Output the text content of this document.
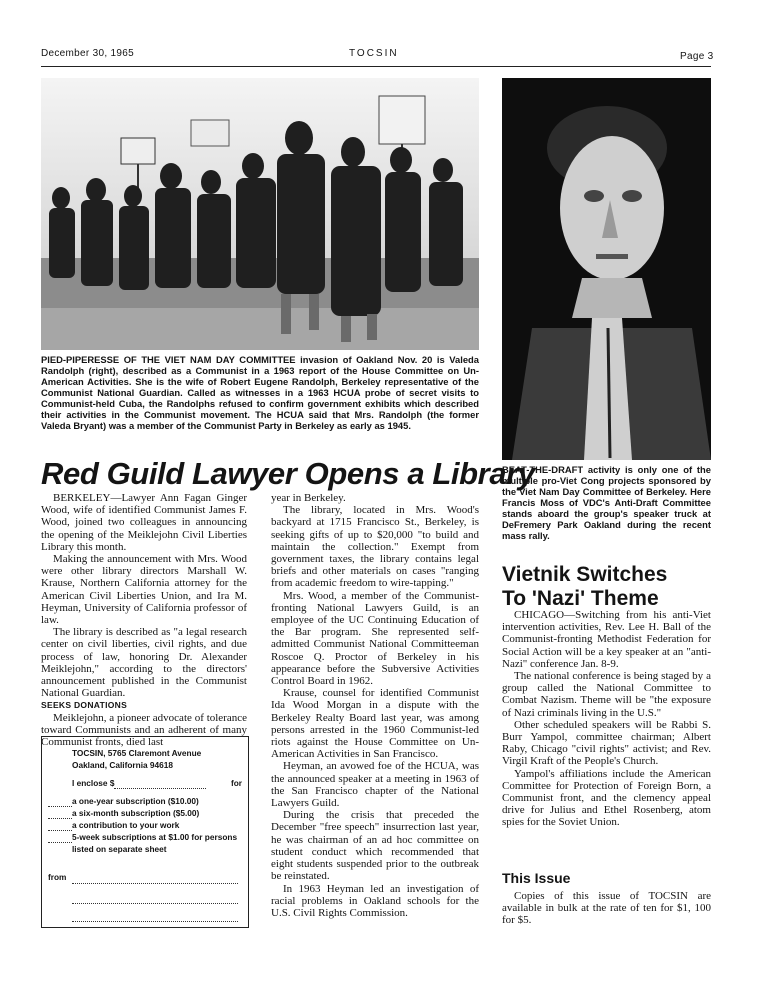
December 30, 1965	TOCSIN	Page 3
PIED-PIPERESSE OF THE VIET NAM DAY COMMITTEE invasion of Oakland Nov. 20 is Valeda Randolph (right), described as a Communist in a 1963 report of the House Committee on Un-American Activities. She is the wife of Robert Eugene Randolph, Berkeley representative of the Communist National Guardian. Called as witnesses in a 1963 HCUA probe of secret visits to Communist-held Cuba, the Randolphs refused to confirm government exhibits which described their activities in the Communist movement. The HCUA said that Mrs. Randolph (the former Valeda Bryant) was a member of the Communist Party in Berkeley as early as 1945.
BEAT-THE-DRAFT activity is only one of the multiple pro-Viet Cong projects sponsored by the Viet Nam Day Committee of Berkeley. Here Francis Moss of VDC's Anti-Draft Committee stands aboard the group's speaker truck at DeFremery Park Oakland during the recent mass rally.
Red Guild Lawyer Opens a Library

BERKELEY—Lawyer Ann Fagan Ginger Wood, wife of identified Communist James F. Wood, joined two colleagues in announcing the opening of the Meiklejohn Civil Liberties Library this month.

Making the announcement with Mrs. Wood were other library directors Marshall W. Krause, Northern California attorney for the American Civil Liberties Union, and Ira M. Heyman, University of California professor of law.

The library is described as "a legal research center on civil liberties, civil rights, and due process of law, honoring Dr. Alexander Meiklejohn," according to the directors' announcement published in the Communist National Guardian.

SEEKS DONATIONS

Meiklejohn, a pioneer advocate of tolerance toward Communists and an adherent of many Communist fronts, died last

TOCSIN, 5765 Claremont Avenue
Oakland, California 94618
I enclose $	for
a one-year subscription ($10.00)
a six-month subscription ($5.00)
a contribution to your work
5-week subscriptions at $1.00 for persons listed on separate sheet
from

year in Berkeley.

The library, located in Mrs. Wood's backyard at 1715 Francisco St., Berkeley, is seeking gifts of up to $20,000 "to build and maintain the collection." Exempt from government taxes, the library contains legal briefs and other materials on cases "ranging from academic freedom to wire-tapping."

Mrs. Wood, a member of the Communist-fronting National Lawyers Guild, is an employee of the UC Continuing Education of the Bar program. She represented self-admitted Communist National Committeeman Roscoe Q. Proctor of Berkeley in his appearance before the Subversive Activities Control Board in 1962.

Krause, counsel for identified Communist Ida Wood Morgan in a dispute with the Berkeley Realty Board last year, was among persons arrested in the 1960 Communist-led riots against the House Committee on Un-American Activities in San Francisco.

Heyman, an avowed foe of the HCUA, was the announced speaker at a meeting in 1963 of the San Francisco chapter of the National Lawyers Guild.

During the crisis that preceded the December "free speech" insurrection last year, he was chairman of an ad hoc committee on student conduct which recommended that eight students suspended prior to the outbreak be reinstated.

In 1963 Heyman led an investigation of racial problems in Oakland schools for the U.S. Civil Rights Commission.

Vietnik Switches
To 'Nazi' Theme

CHICAGO—Switching from his anti-Viet intervention activities, Rev. Lee H. Ball of the Communist-fronting Methodist Federation for Social Action will be a key speaker at an "anti-Nazi" conference Jan. 8-9.

The national conference is being staged by a group called the National Committee to Combat Nazism. Theme will be "the exposure of Nazi criminals living in the U.S."

Other scheduled speakers will be Rabbi S. Burr Yampol, committee chairman; Albert Raby, Chicago "civil rights" activist; and Rev. Virgil Kraft of the People's Church.

Yampol's affiliations include the American Committee for Protection of Foreign Born, a Communist front, and the clemency appeal drive for Julius and Ethel Rosenberg, atom spies for the Soviet Union.

This Issue

Copies of this issue of TOCSIN are available in bulk at the rate of ten for $1, 100 for $5.
